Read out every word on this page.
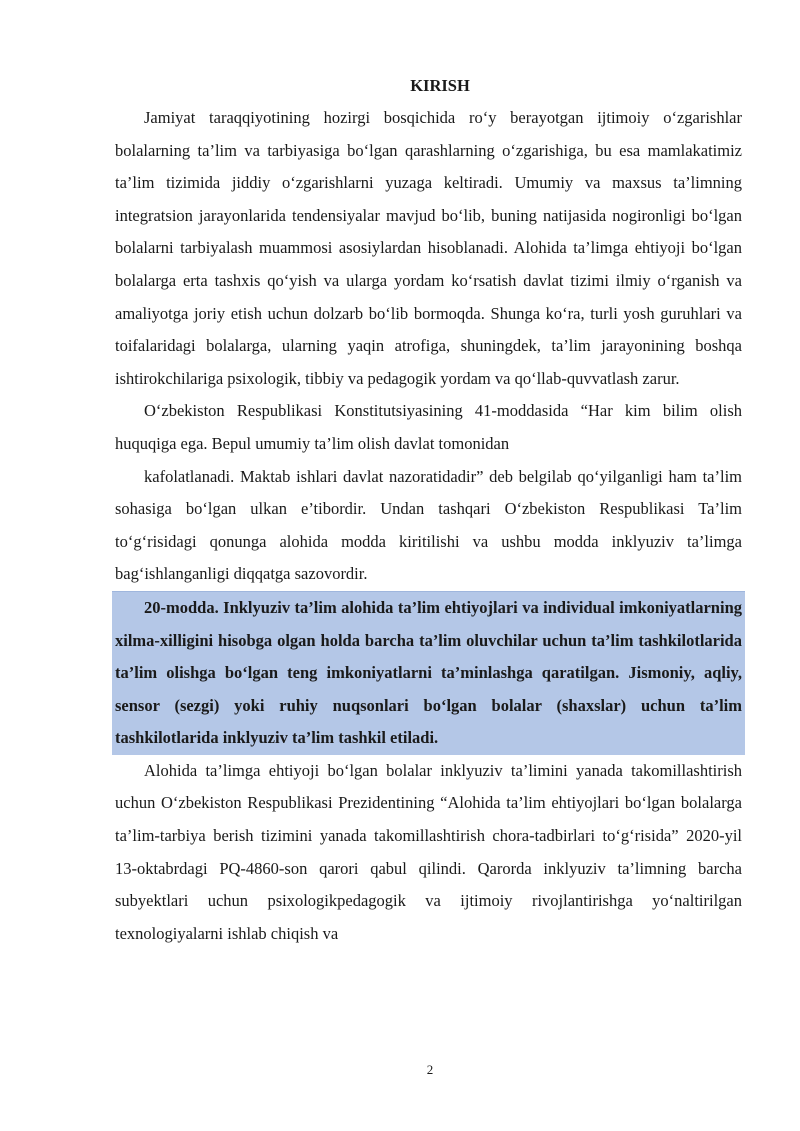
KIRISH

Jamiyat taraqqiyotining hozirgi bosqichida ro‘y berayotgan ijtimoiy o‘zgarishlar bolalarning ta’lim va tarbiyasiga bo‘lgan qarashlarning o‘zgarishiga, bu esa mamlakatimiz ta’lim tizimida jiddiy o‘zgarishlarni yuzaga keltiradi. Umumiy va maxsus ta’limning integratsion jarayonlarida tendensiyalar mavjud bo‘lib, buning natijasida nogironligi bo‘lgan bolalarni tarbiyalash muammosi asosiylardan hisoblanadi. Alohida ta’limga ehtiyoji bo‘lgan bolalarga erta tashxis qo‘yish va ularga yordam ko‘rsatish davlat tizimi ilmiy o‘rganish va amaliyotga joriy etish uchun dolzarb bo‘lib bormoqda. Shunga ko‘ra, turli yosh guruhlari va toifalaridagi bolalarga, ularning yaqin atrofiga, shuningdek, ta’lim jarayonining boshqa ishtirokchilariga psixologik, tibbiy va pedagogik yordam va qo‘llab-quvvatlash zarur.

O‘zbekiston Respublikasi Konstitutsiyasining 41-moddasida “Har kim bilim olish huquqiga ega. Bepul umumiy ta’lim olish davlat tomonidan

kafolatlanadi. Maktab ishlari davlat nazoratidadir” deb belgilab qo‘yilganligi ham ta’lim sohasiga bo‘lgan ulkan e’tibordir. Undan tashqari O‘zbekiston Respublikasi Ta’lim to‘g‘risidagi qonunga alohida modda kiritilishi va ushbu modda inklyuziv ta’limga bag‘ishlanganligi diqqatga sazovordir.

20-modda. Inklyuziv ta’lim alohida ta’lim ehtiyojlari va individual imkoniyatlarning xilma-xilligini hisobga olgan holda barcha ta’lim oluvchilar uchun ta’lim tashkilotlarida ta’lim olishga bo‘lgan teng imkoniyatlarni ta’minlashga qaratilgan. Jismoniy, aqliy, sensor (sezgi) yoki ruhiy nuqsonlari bo‘lgan bolalar (shaxslar) uchun ta’lim tashkilotlarida inklyuziv ta’lim tashkil etiladi.

Alohida ta’limga ehtiyoji bo‘lgan bolalar inklyuziv ta’limini yanada takomillashtirish uchun O‘zbekiston Respublikasi Prezidentining “Alohida ta’lim ehtiyojlari bo‘lgan bolalarga ta’lim-tarbiya berish tizimini yanada takomillashtirish chora-tadbirlari to‘g‘risida” 2020-yil 13-oktabrdagi PQ-4860-son qarori qabul qilindi. Qarorda inklyuziv ta’limning barcha subyektlari uchun psixologikpedagogik va ijtimoiy rivojlantirishga yo‘naltirilgan texnologiyalarni ishlab chiqish va

2
